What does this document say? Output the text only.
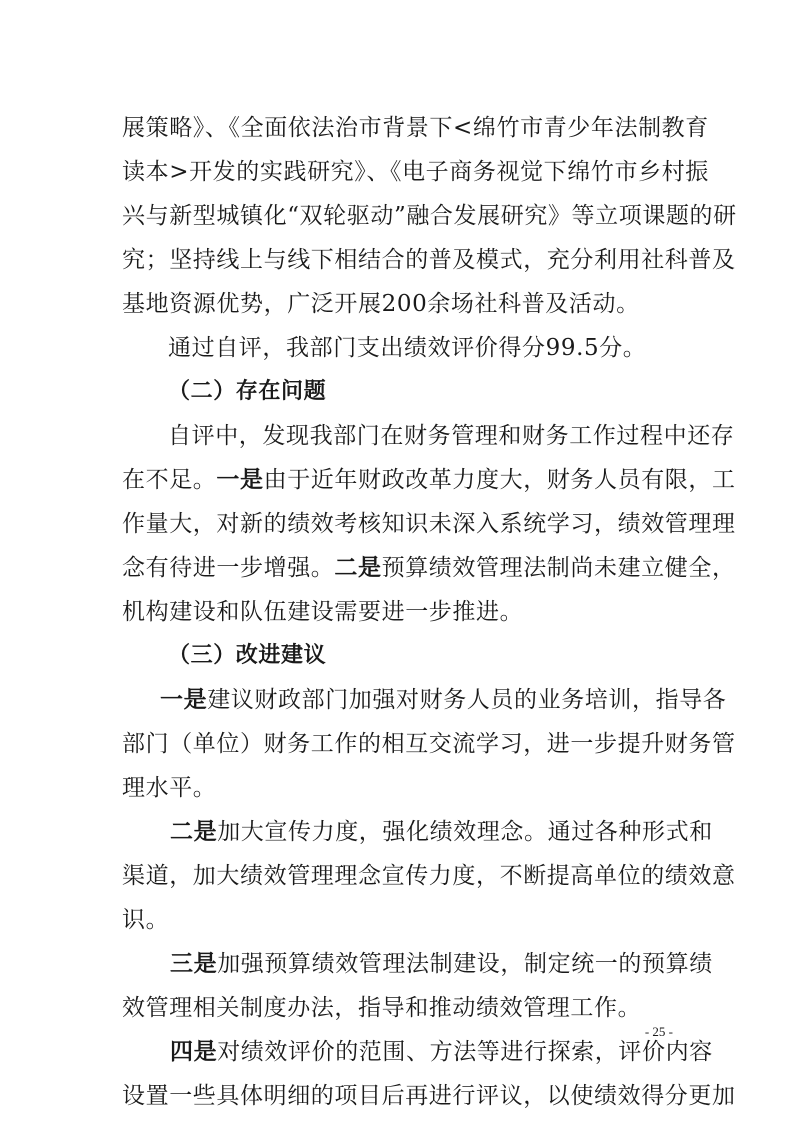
展策略》、《全面依法治市背景下<绵竹市青少年法制教育
读本>开发的实践研究》、《电子商务视觉下绵竹市乡村振
兴与新型城镇化“双轮驱动”融合发展研究》等立项课题的研
究；坚持线上与线下相结合的普及模式，充分利用社科普及
基地资源优势，广泛开展200余场社科普及活动。
通过自评，我部门支出绩效评价得分99.5分。
（二）存在问题
自评中，发现我部门在财务管理和财务工作过程中还存
在不足。一是由于近年财政改革力度大，财务人员有限，工
作量大，对新的绩效考核知识未深入系统学习，绩效管理理
念有待进一步增强。二是预算绩效管理法制尚未建立健全，
机构建设和队伍建设需要进一步推进。
（三）改进建议
一是建议财政部门加强对财务人员的业务培训，指导各
部门（单位）财务工作的相互交流学习，进一步提升财务管
理水平。
二是加大宣传力度，强化绩效理念。通过各种形式和
渠道，加大绩效管理理念宣传力度，不断提高单位的绩效意
识。
三是加强预算绩效管理法制建设，制定统一的预算绩
效管理相关制度办法，指导和推动绩效管理工作。
四是对绩效评价的范围、方法等进行探索，评价内容
设置一些具体明细的项目后再进行评议，以使绩效得分更加
- 25 -
